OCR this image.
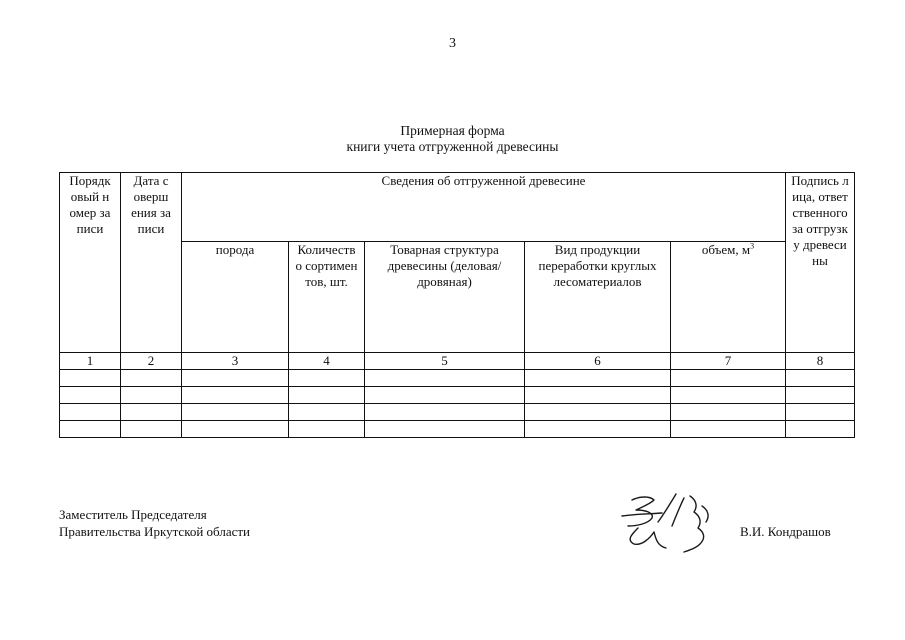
3
Примерная форма
книги учета отгруженной древесины
Порядковый номер записи	Дата совершения записи	Сведения об отгруженной древесине					Подпись лица, ответственного за отгрузку древесины

		порода	Количество сортиментов, шт.	Товарная структура древесины (деловая/дровяная)	Вид продукции переработки круглых лесоматериалов	объем, $м^3$
1	2	3	4	5	6	7	8

Заместитель Председателя
Правительства Иркутской области	В.И. Кондрашов
